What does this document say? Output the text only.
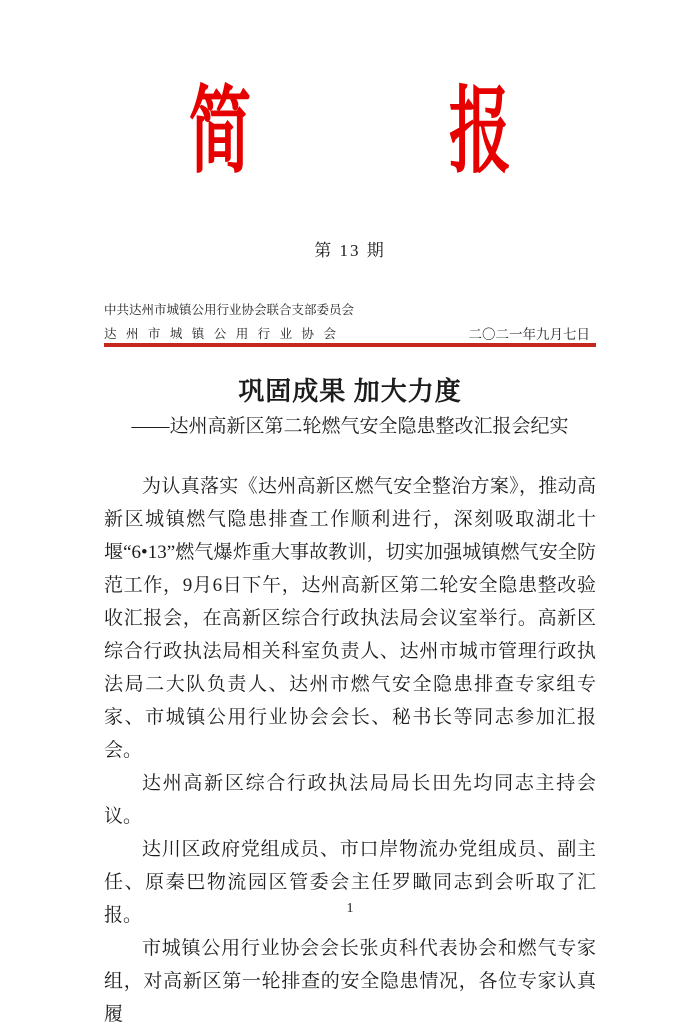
简	报
第 13 期
中共达州市城镇公用行业协会联合支部委员会
达州市城镇公用行业协会	二〇二一年九月七日
巩固成果 加大力度
——达州高新区第二轮燃气安全隐患整改汇报会纪实

为认真落实《达州高新区燃气安全整治方案》，推动高新区城镇燃气隐患排查工作顺利进行，深刻吸取湖北十堰“6•13”燃气爆炸重大事故教训，切实加强城镇燃气安全防范工作，9月6日下午，达州高新区第二轮安全隐患整改验收汇报会，在高新区综合行政执法局会议室举行。高新区综合行政执法局相关科室负责人、达州市城市管理行政执法局二大队负责人、达州市燃气安全隐患排查专家组专家、市城镇公用行业协会会长、秘书长等同志参加汇报会。

达州高新区综合行政执法局局长田先均同志主持会议。

达川区政府党组成员、市口岸物流办党组成员、副主任、原秦巴物流园区管委会主任罗瞰同志到会听取了汇报。

市城镇公用行业协会会长张贞科代表协会和燃气专家组，对高新区第一轮排查的安全隐患情况，各位专家认真履

1
